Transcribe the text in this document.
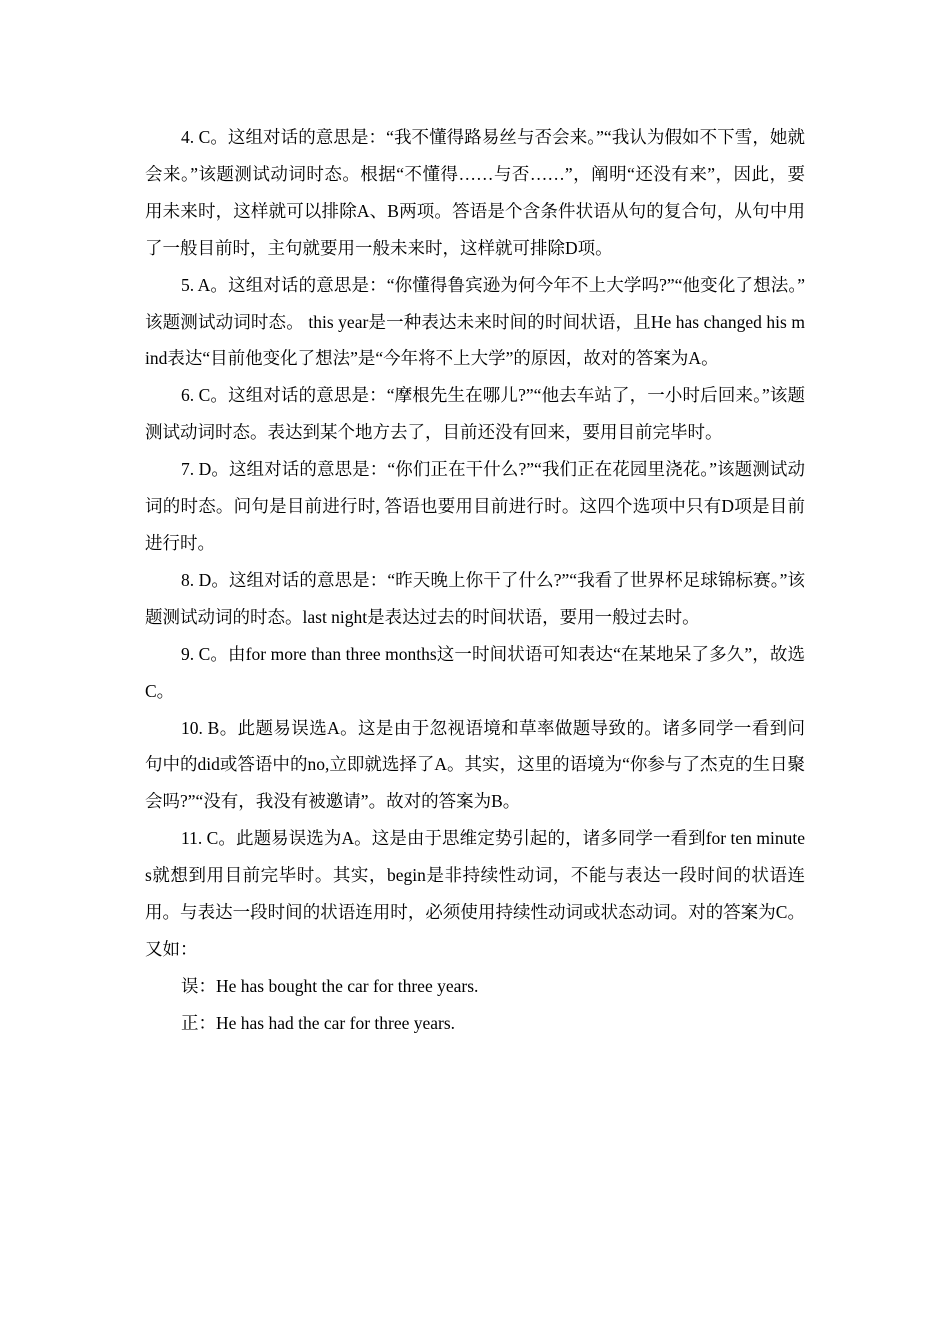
4. C。这组对话的意思是：“我不懂得路易丝与否会来。”“我认为假如不下雪，她就会来。”该题测试动词时态。根据“不懂得……与否……”，阐明“还没有来”，因此，要用未来时，这样就可以排除A、B两项。答语是个含条件状语从句的复合句，从句中用了一般目前时，主句就要用一般未来时，这样就可排除D项。

5. A。这组对话的意思是：“你懂得鲁宾逊为何今年不上大学吗?”“他变化了想法。” 该题测试动词时态。 this year是一种表达未来时间的时间状语，且He has changed his mind表达“目前他变化了想法”是“今年将不上大学”的原因，故对的答案为A。

6. C。这组对话的意思是：“摩根先生在哪儿?”“他去车站了，一小时后回来。”该题测试动词时态。表达到某个地方去了，目前还没有回来，要用目前完毕时。

7. D。这组对话的意思是：“你们正在干什么?”“我们正在花园里浇花。”该题测试动词的时态。问句是目前进行时, 答语也要用目前进行时。这四个选项中只有D项是目前进行时。

8. D。这组对话的意思是：“昨天晚上你干了什么?”“我看了世界杯足球锦标赛。”该题测试动词的时态。last night是表达过去的时间状语，要用一般过去时。

9. C。由for more than three months这一时间状语可知表达“在某地呆了多久”，故选C。

10. B。此题易误选A。这是由于忽视语境和草率做题导致的。诸多同学一看到问句中的did或答语中的no,立即就选择了A。其实，这里的语境为“你参与了杰克的生日聚会吗?”“没有，我没有被邀请”。故对的答案为B。

11. C。此题易误选为A。这是由于思维定势引起的，诸多同学一看到for ten minutes就想到用目前完毕时。其实，begin是非持续性动词，不能与表达一段时间的状语连用。与表达一段时间的状语连用时，必须使用持续性动词或状态动词。对的答案为C。又如：

误：He has bought the car for three years.

正：He has had the car for three years.
